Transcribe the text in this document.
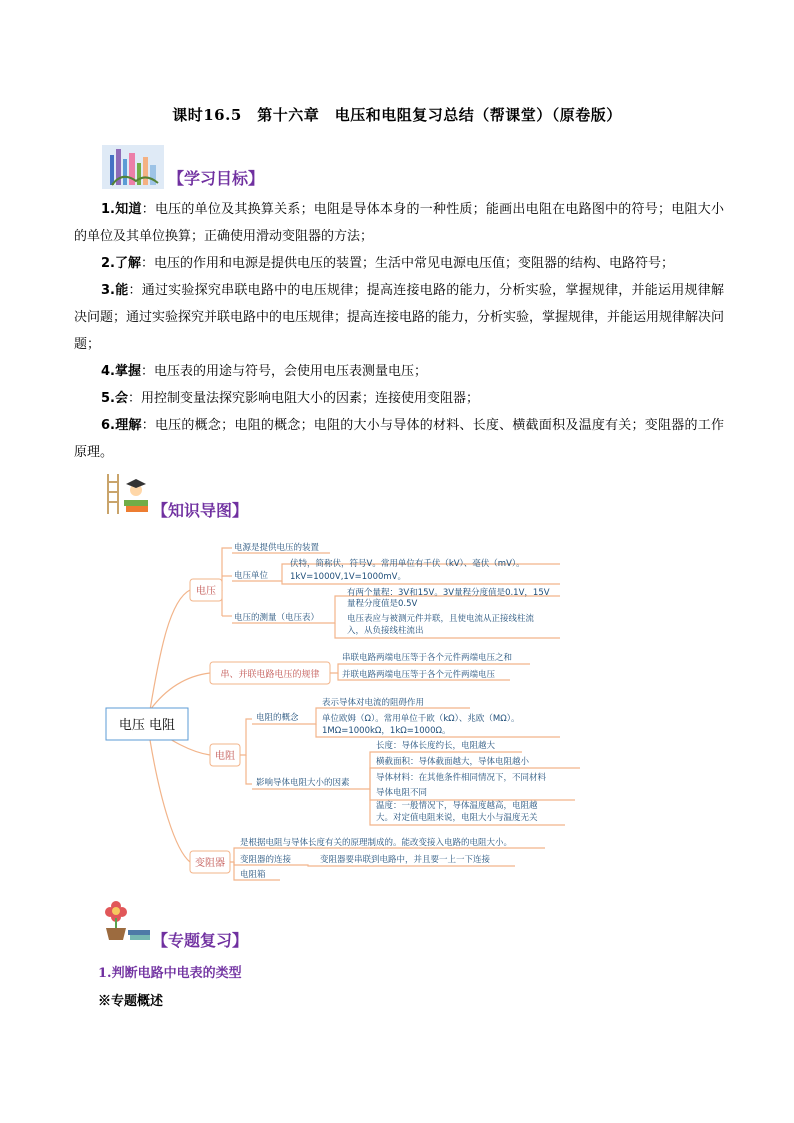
课时16.5　第十六章　电压和电阻复习总结（帮课堂）（原卷版）
【学习目标】

1.知道：电压的单位及其换算关系；电阻是导体本身的一种性质；能画出电阻在电路图中的符号；电阻大小的单位及其单位换算；正确使用滑动变阻器的方法；

2.了解：电压的作用和电源是提供电压的装置；生活中常见电源电压值；变阻器的结构、电路符号；

3.能：通过实验探究串联电路中的电压规律；提高连接电路的能力，分析实验，掌握规律，并能运用规律解决问题；通过实验探究并联电路中的电压规律；提高连接电路的能力，分析实验，掌握规律，并能运用规律解决问题；

4.掌握：电压表的用途与符号，会使用电压表测量电压；

5.会：用控制变量法探究影响电阻大小的因素；连接使用变阻器；

6.理解：电压的概念；电阻的概念；电阻的大小与导体的材料、长度、横截面积及温度有关；变阻器的工作原理。

【知识导图】
电压 电阻
电压
串、并联电路电压的规律
电阻
变阻器
电源是提供电压的装置
电压单位
伏特，简称伏，符号V。常用单位有千伏（kV）、毫伏（mV）。
1kV=1000V,1V=1000mV。
电压的测量（电压表）
有两个量程：3V和15V。3V量程分度值是0.1V，15V
量程分度值是0.5V
电压表应与被测元件并联，且使电流从正接线柱流
入，从负接线柱流出
串联电路两端电压等于各个元件两端电压之和
并联电路两端电压等于各个元件两端电压
电阻的概念
表示导体对电流的阻碍作用
单位欧姆（Ω）。常用单位千欧（kΩ）、兆欧（MΩ）。
1MΩ=1000kΩ，1kΩ=1000Ω。
影响导体电阻大小的因素
长度：导体长度约长，电阻越大
横截面积：导体截面越大，导体电阻越小
导体材料：在其他条件相同情况下，不同材料
导体电阻不同
温度：一般情况下，导体温度越高，电阻越
大。对定值电阻来说，电阻大小与温度无关
是根据电阻与导体长度有关的原理制成的。能改变接入电路的电阻大小。
变阻器的连接	变阻器要串联到电路中，并且要一上一下连接
电阻箱
【专题复习】
1.判断电路中电表的类型
※专题概述
